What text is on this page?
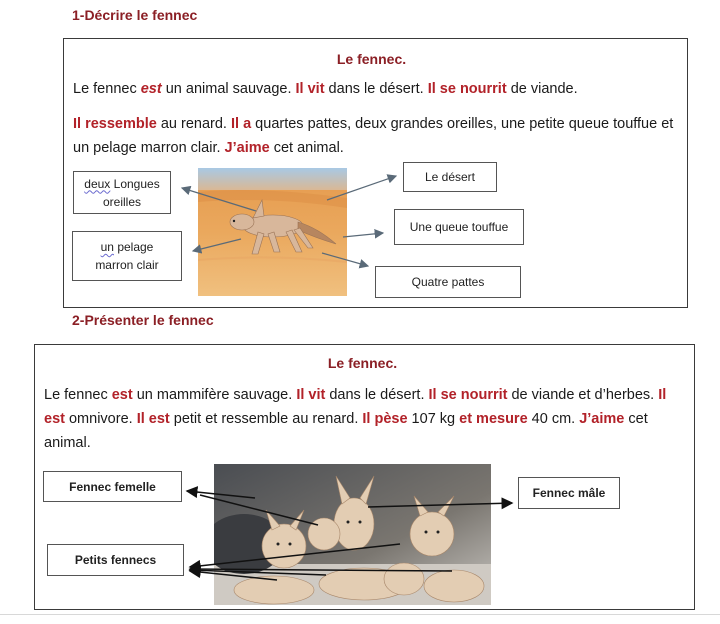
1-Décrire le fennec
Le fennec.
Le fennec est un animal sauvage. Il vit dans le désert. Il se nourrit de viande.
Il ressemble au renard. Il a quartes pattes, deux grandes oreilles, une petite queue touffue et un pelage marron clair. J’aime cet animal.
deux Longues
oreilles
un pelage
marron clair
Le désert
Une queue touffue
Quatre pattes
2-Présenter le fennec
Le fennec.
Le fennec est un mammifère sauvage. Il vit dans le désert. Il se nourrit de viande et d’herbes. Il est omnivore. Il est petit et ressemble au renard. Il pèse 107 kg et mesure 40 cm. J’aime cet animal.
Fennec femelle	Fennec mâle
Petits fennecs
